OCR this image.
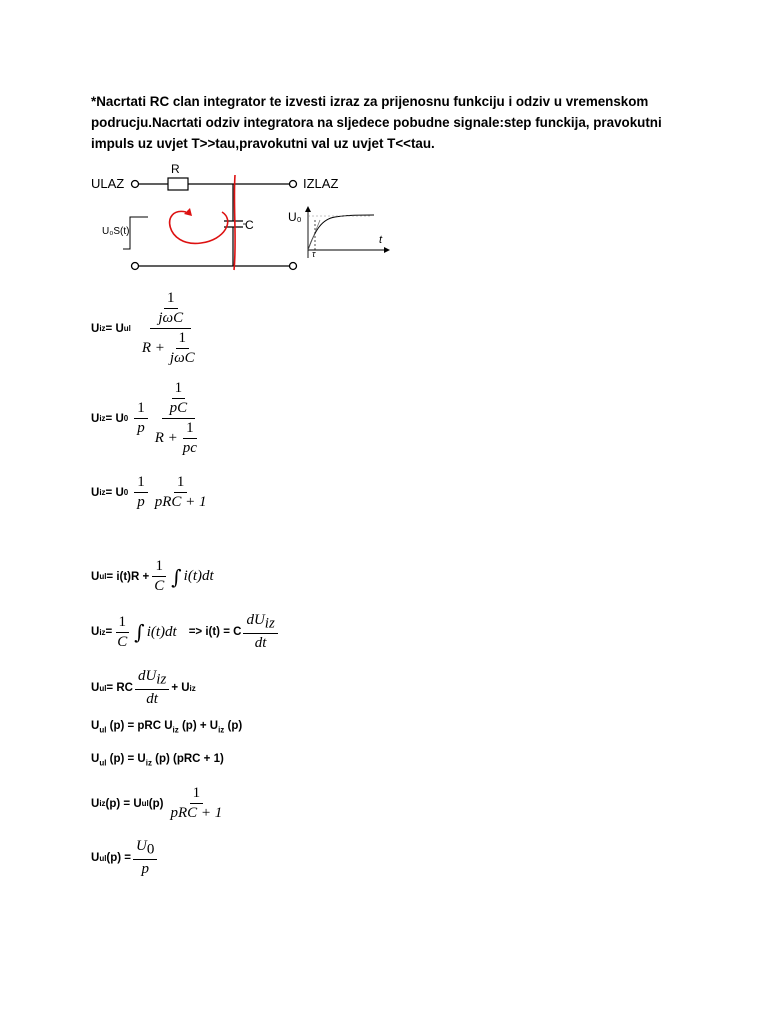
*Nacrtati RC clan integrator te izvesti izraz za prijenosnu funkciju i odziv u vremenskom podrucju.Nacrtati odziv integratora na sljedece pobudne signale:step funckija, pravokutni impuls uz uvjet T>>tau,pravokutni val uz uvjet T<<tau.
ULAZ	IZLAZ
R
C
U₀S(t)
U₀
t
τ
U iz = U ul $\frac{\frac{1}{\text{jωC}}}{R + \frac{1}{\text{jωC}}}$
U iz = U $0 \frac{1}{p} \frac{\frac{1}{pC}}{R + \frac{1}{pc}}$
U iz = U $0 \frac{1}{p} \frac{1}{\text{pRC + 1}}$
U ul = $i(t)R + \frac{1}{C}$ ∫ i(t)dt
U iz = $\frac{1}{C}$ ∫ i(t)dt => i(t) = C $\frac{dU_{iz}}{dt}$
U ul = RC $\frac{dU_{iz}}{dt} + U$ iz
$U_{ul}$ (p) = pRC $U_{iz}$ $(p) + U_{iz}$ (p)
$U_{ul}$ $(p) = U_{iz}$ (p) (pRC + 1)
U iz (p) = U ul $(p) \frac{1}{\text{pRC + 1}}$
U ul $(p) = \frac{U_0}{p}$
